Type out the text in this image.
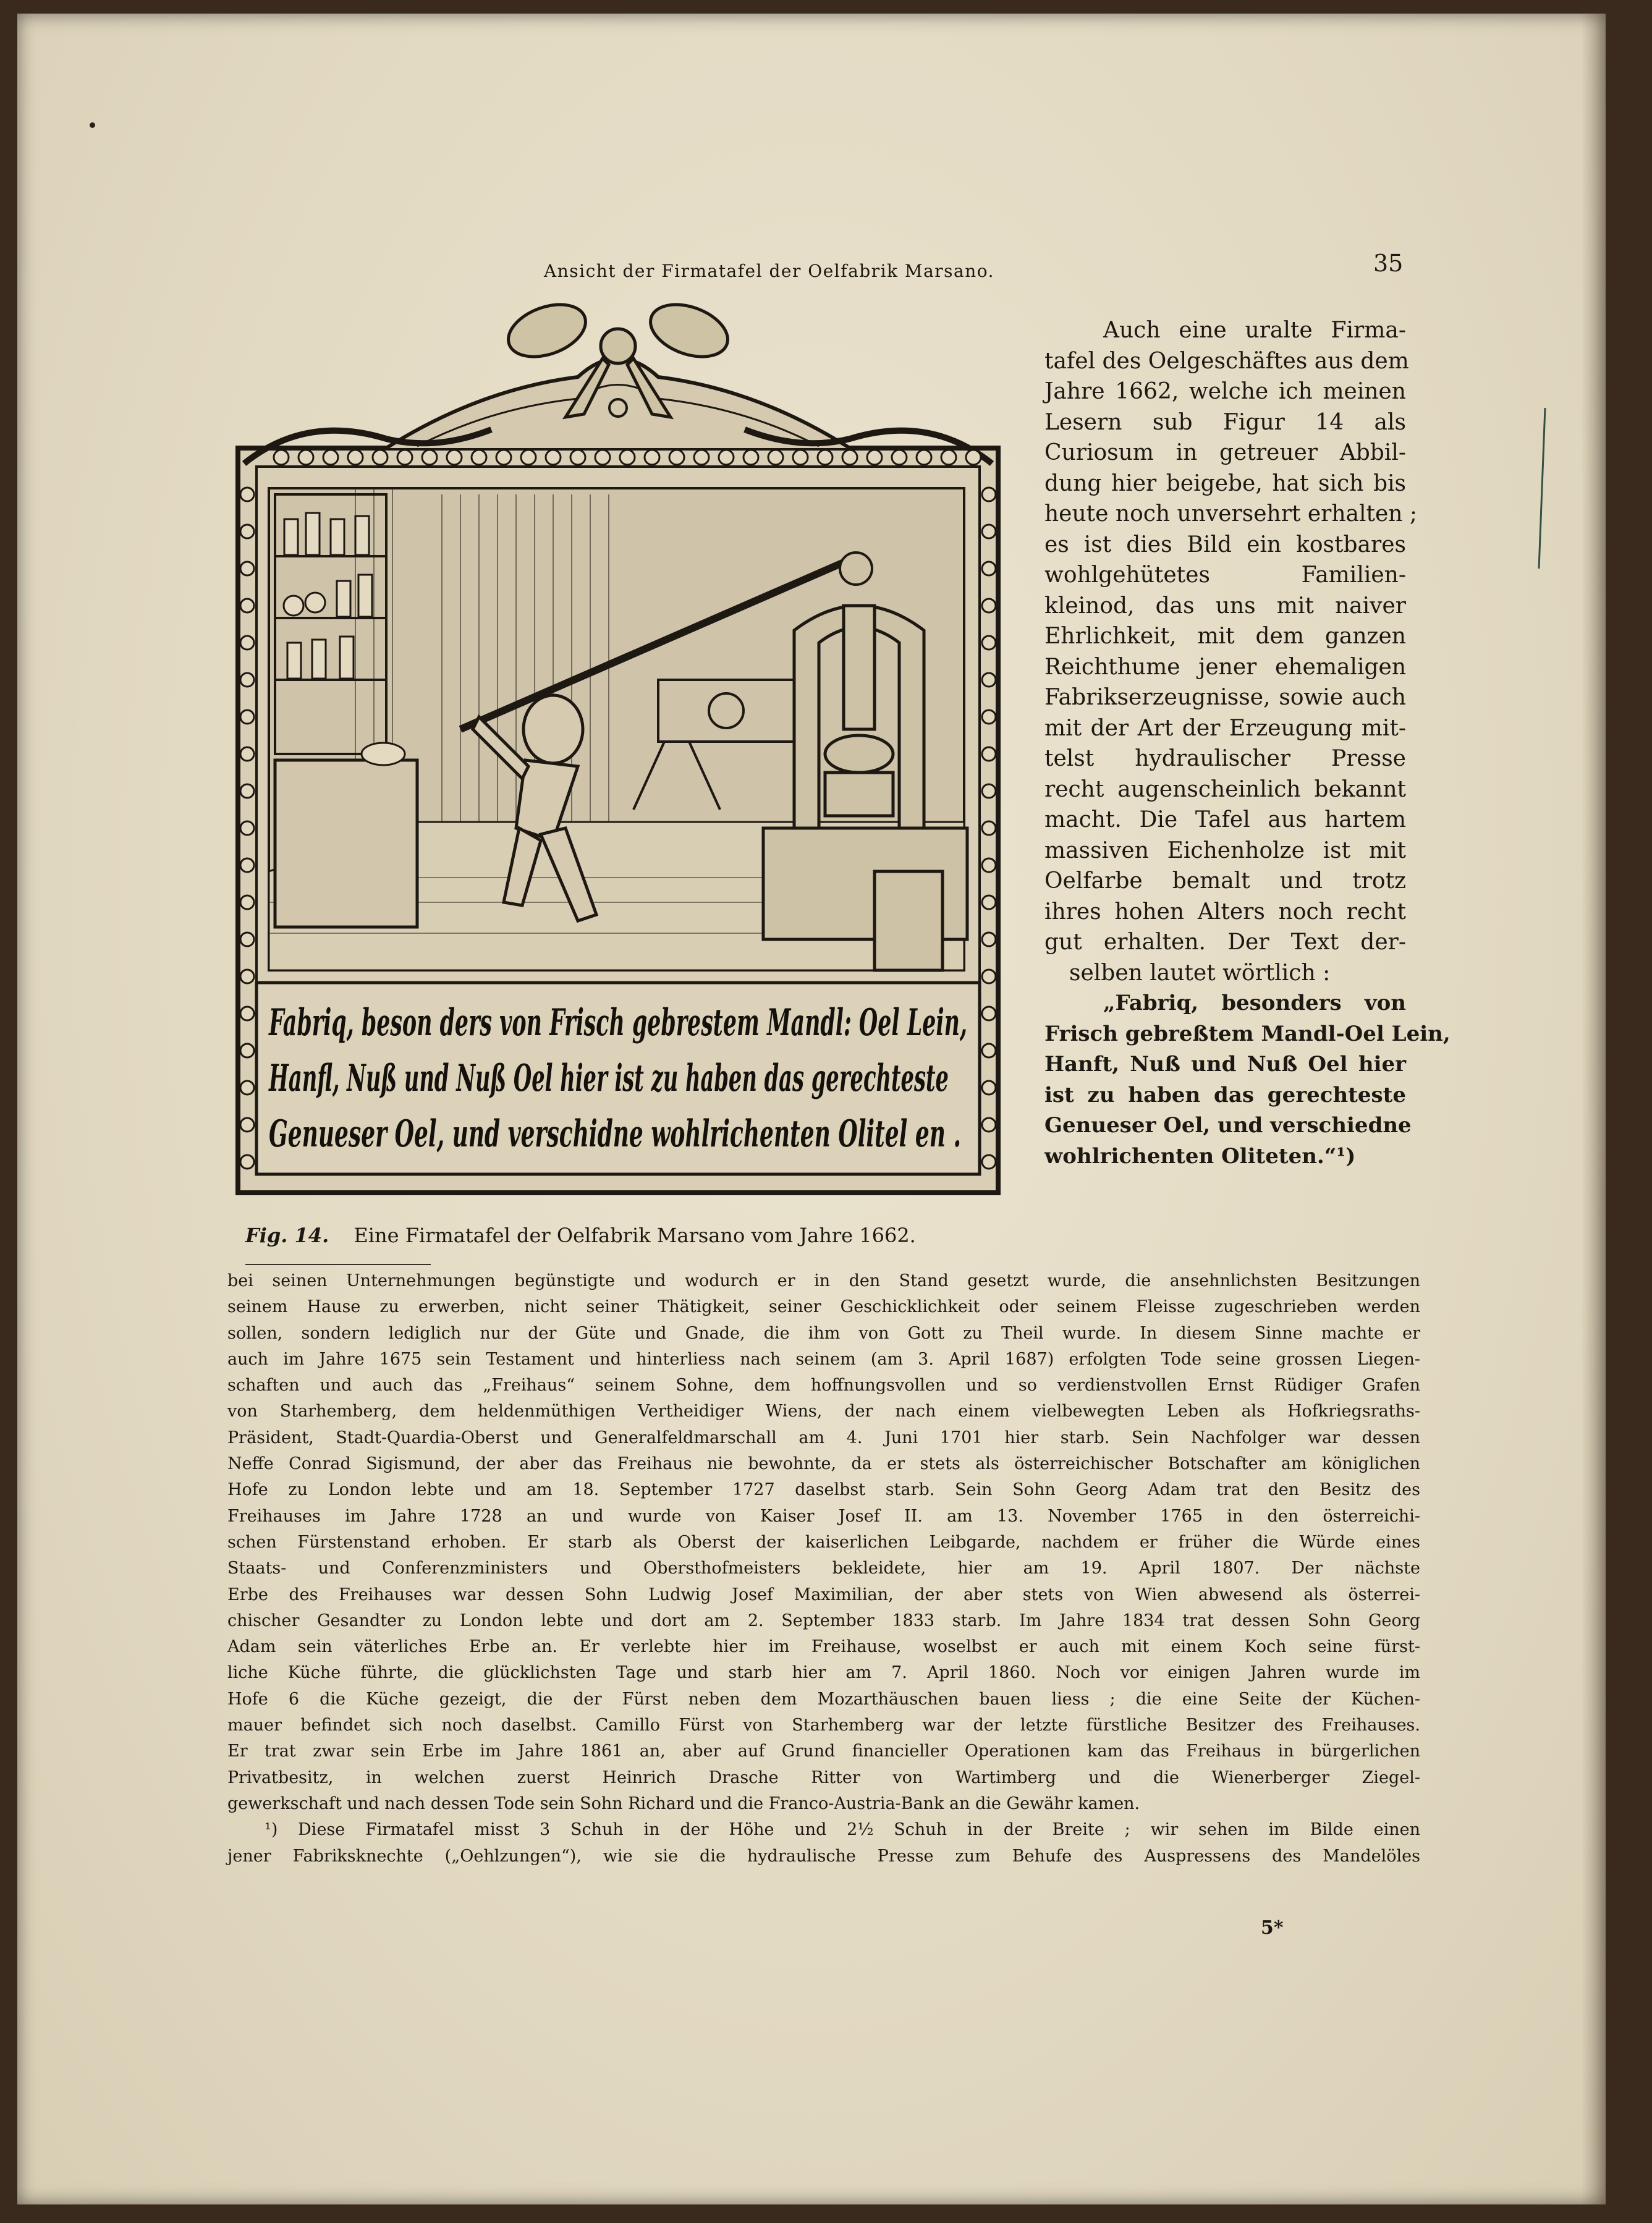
Ansicht der Firmatafel der Oelfabrik Marsano.	35
Fabriq, beson ders von Frisch gebrestem Mandl: Oel Lein,
Hanfl, Nuß und Nuß Oel hier ist zu haben das gerechteste
Genueser Oel, und verschidne wohlrichenten Olitel en .
Fig. 14. Eine Firmatafel der Oelfabrik Marsano vom Jahre 1662.
Auch eine uralte Firma-
tafel des Oelgeschäftes aus dem
Jahre 1662, welche ich meinen
Lesern sub Figur 14 als
Curiosum in getreuer Abbil-
dung hier beigebe, hat sich bis
heute noch unversehrt erhalten ;
es ist dies Bild ein kostbares
wohlgehütetes Familien-
kleinod, das uns mit naiver
Ehrlichkeit, mit dem ganzen
Reichthume jener ehemaligen
Fabrikserzeugnisse, sowie auch
mit der Art der Erzeugung mit-
telst hydraulischer Presse
recht augenscheinlich bekannt
macht. Die Tafel aus hartem
massiven Eichenholze ist mit
Oelfarbe bemalt und trotz
ihres hohen Alters noch recht
gut erhalten. Der Text der-
selben lautet wörtlich :
„Fabriq, besonders von
Frisch gebreßtem Mandl-Oel Lein,
Hanft, Nuß und Nuß Oel hier
ist zu haben das gerechteste
Genueser Oel, und verschiedne
wohlrichenten Oliteten.“¹)
bei seinen Unternehmungen begünstigte und wodurch er in den Stand gesetzt wurde, die ansehnlichsten Besitzungen
seinem Hause zu erwerben, nicht seiner Thätigkeit, seiner Geschicklichkeit oder seinem Fleisse zugeschrieben werden
sollen, sondern lediglich nur der Güte und Gnade, die ihm von Gott zu Theil wurde. In diesem Sinne machte er
auch im Jahre 1675 sein Testament und hinterliess nach seinem (am 3. April 1687) erfolgten Tode seine grossen Liegen-
schaften und auch das „Freihaus“ seinem Sohne, dem hoffnungsvollen und so verdienstvollen Ernst Rüdiger Grafen
von Starhemberg, dem heldenmüthigen Vertheidiger Wiens, der nach einem vielbewegten Leben als Hofkriegsraths-
Präsident, Stadt-Quardia-Oberst und Generalfeldmarschall am 4. Juni 1701 hier starb. Sein Nachfolger war dessen
Neffe Conrad Sigismund, der aber das Freihaus nie bewohnte, da er stets als österreichischer Botschafter am königlichen
Hofe zu London lebte und am 18. September 1727 daselbst starb. Sein Sohn Georg Adam trat den Besitz des
Freihauses im Jahre 1728 an und wurde von Kaiser Josef II. am 13. November 1765 in den österreichi-
schen Fürstenstand erhoben. Er starb als Oberst der kaiserlichen Leibgarde, nachdem er früher die Würde eines
Staats- und Conferenzministers und Obersthofmeisters bekleidete, hier am 19. April 1807. Der nächste
Erbe des Freihauses war dessen Sohn Ludwig Josef Maximilian, der aber stets von Wien abwesend als österrei-
chischer Gesandter zu London lebte und dort am 2. September 1833 starb. Im Jahre 1834 trat dessen Sohn Georg
Adam sein väterliches Erbe an. Er verlebte hier im Freihause, woselbst er auch mit einem Koch seine fürst-
liche Küche führte, die glücklichsten Tage und starb hier am 7. April 1860. Noch vor einigen Jahren wurde im
Hofe 6 die Küche gezeigt, die der Fürst neben dem Mozarthäuschen bauen liess ; die eine Seite der Küchen-
mauer befindet sich noch daselbst. Camillo Fürst von Starhemberg war der letzte fürstliche Besitzer des Freihauses.
Er trat zwar sein Erbe im Jahre 1861 an, aber auf Grund financieller Operationen kam das Freihaus in bürgerlichen
Privatbesitz, in welchen zuerst Heinrich Drasche Ritter von Wartimberg und die Wienerberger Ziegel-
gewerkschaft und nach dessen Tode sein Sohn Richard und die Franco-Austria-Bank an die Gewähr kamen.
¹) Diese Firmatafel misst 3 Schuh in der Höhe und 2½ Schuh in der Breite ; wir sehen im Bilde einen
jener Fabriksknechte („Oehlzungen“), wie sie die hydraulische Presse zum Behufe des Auspressens des Mandelöles
5*
